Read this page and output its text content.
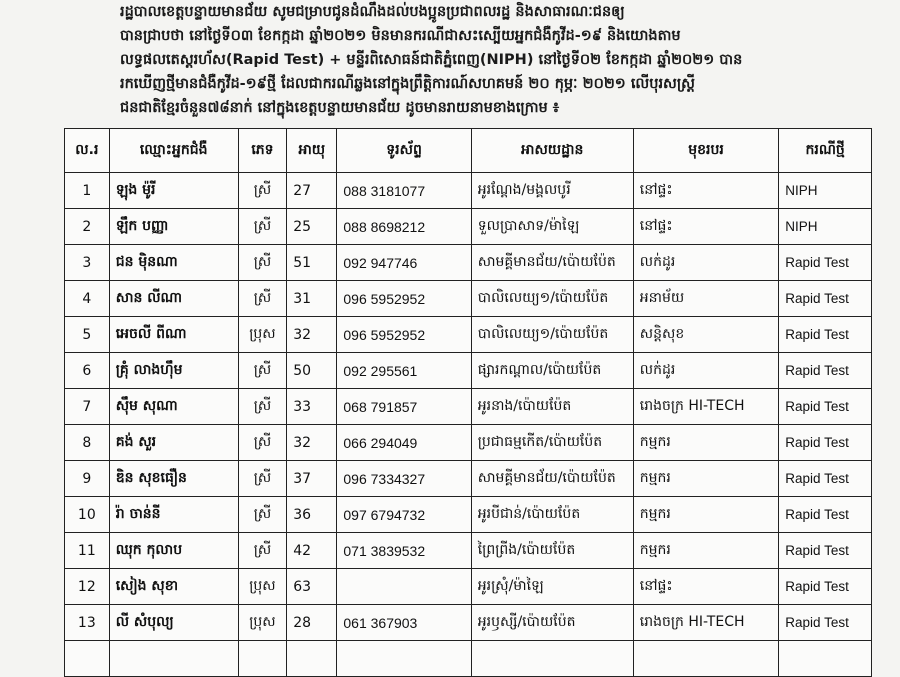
រដ្ឋបាលខេត្តបន្ទាយមានជ័យ សូមជម្រាបជូនដំណឹងដល់បងប្អូនប្រជាពលរដ្ឋ និងសាធារណៈជនឲ្យ
បានជ្រាបថា នៅថ្ងៃទី០៣ ខែកក្កដា ឆ្នាំ២០២១ មិនមានករណីជាសះស្បើយអ្នកជំងឺកូវីដ-១៩ និងយោងតាម
លទ្ធផលតេស្តរហ័ស(Rapid Test) + មន្ទីរពិសោធន៍ជាតិភ្នំពេញ(NIPH) នៅថ្ងៃទី០២ ខែកក្កដា ឆ្នាំ២០២១ បាន
រកឃើញថ្មីមានជំងឺកូវីដ-១៩ថ្មី ដែលជាករណីឆ្លងនៅក្នុងព្រឹត្តិការណ៍សហគមន៍ ២០ កុម្ភៈ ២០២១ លើបុរសស្ត្រី
ជនជាតិខ្មែរចំនួន៧៨នាក់ នៅក្នុងខេត្តបន្ទាយមានជ័យ ដូចមានរាយនាមខាងក្រោម ៖
ល.រ	ឈ្មោះអ្នកជំងឺ	ភេទ	អាយុ	ទូរស័ព្ទ	អាសយដ្ឋាន	មុខរបរ	ករណីថ្មី
1	ឡុង ម៉ូរី	ស្រី	27	088 3181077	អូរណ្ដែង/មង្គលបូរី	នៅផ្ទះ	NIPH
2	ឡឹក បញ្ញា	ស្រី	25	088 8698212	ទួលប្រាសាទ/ម៉ាឡៃ	នៅផ្ទះ	NIPH
3	ជន ម៉ិនណា	ស្រី	51	092 947746	សាមគ្គីមានជ័យ/ប៉ោយប៉ែត	លក់ដូរ	Rapid Test
4	សាន លីណា	ស្រី	31	096 5952952	បាលិលេយ្យ១/ប៉ោយប៉ែត	អនាម័យ	Rapid Test
5	អេចលី ពីណា	ប្រុស	32	096 5952952	បាលិលេយ្យ១/ប៉ោយប៉ែត	សន្តិសុខ	Rapid Test
6	គ្រុំ លាងហ៊ឹម	ស្រី	50	092 295561	ផ្សារកណ្ដាល/ប៉ោយប៉ែត	លក់ដូរ	Rapid Test
7	ស៊ឹម សុណា	ស្រី	33	068 791857	អូរនាង/ប៉ោយប៉ែត	រោងចក្រ HI-TECH	Rapid Test
8	គង់ សួរ	ស្រី	32	066 294049	ប្រជាធម្មកើត/ប៉ោយប៉ែត	កម្មករ	Rapid Test
9	ឌិន សុខធឿន	ស្រី	37	096 7334327	សាមគ្គីមានជ័យ/ប៉ោយប៉ែត	កម្មករ	Rapid Test
10	រ៉ា ចាន់នី	ស្រី	36	097 6794732	អូរបីជាន់/ប៉ោយប៉ែត	កម្មករ	Rapid Test
11	ឈុក កុលាប	ស្រី	42	071 3839532	ព្រៃព្រីង/ប៉ោយប៉ែត	កម្មករ	Rapid Test
12	សៀង សុខា	ប្រុស	63		អូរស្រុំ/ម៉ាឡៃ	នៅផ្ទះ	Rapid Test
13	លី សំបុល្យ	ប្រុស	28	061 367903	អូរឫស្សី/ប៉ោយប៉ែត	រោងចក្រ HI-TECH	Rapid Test
